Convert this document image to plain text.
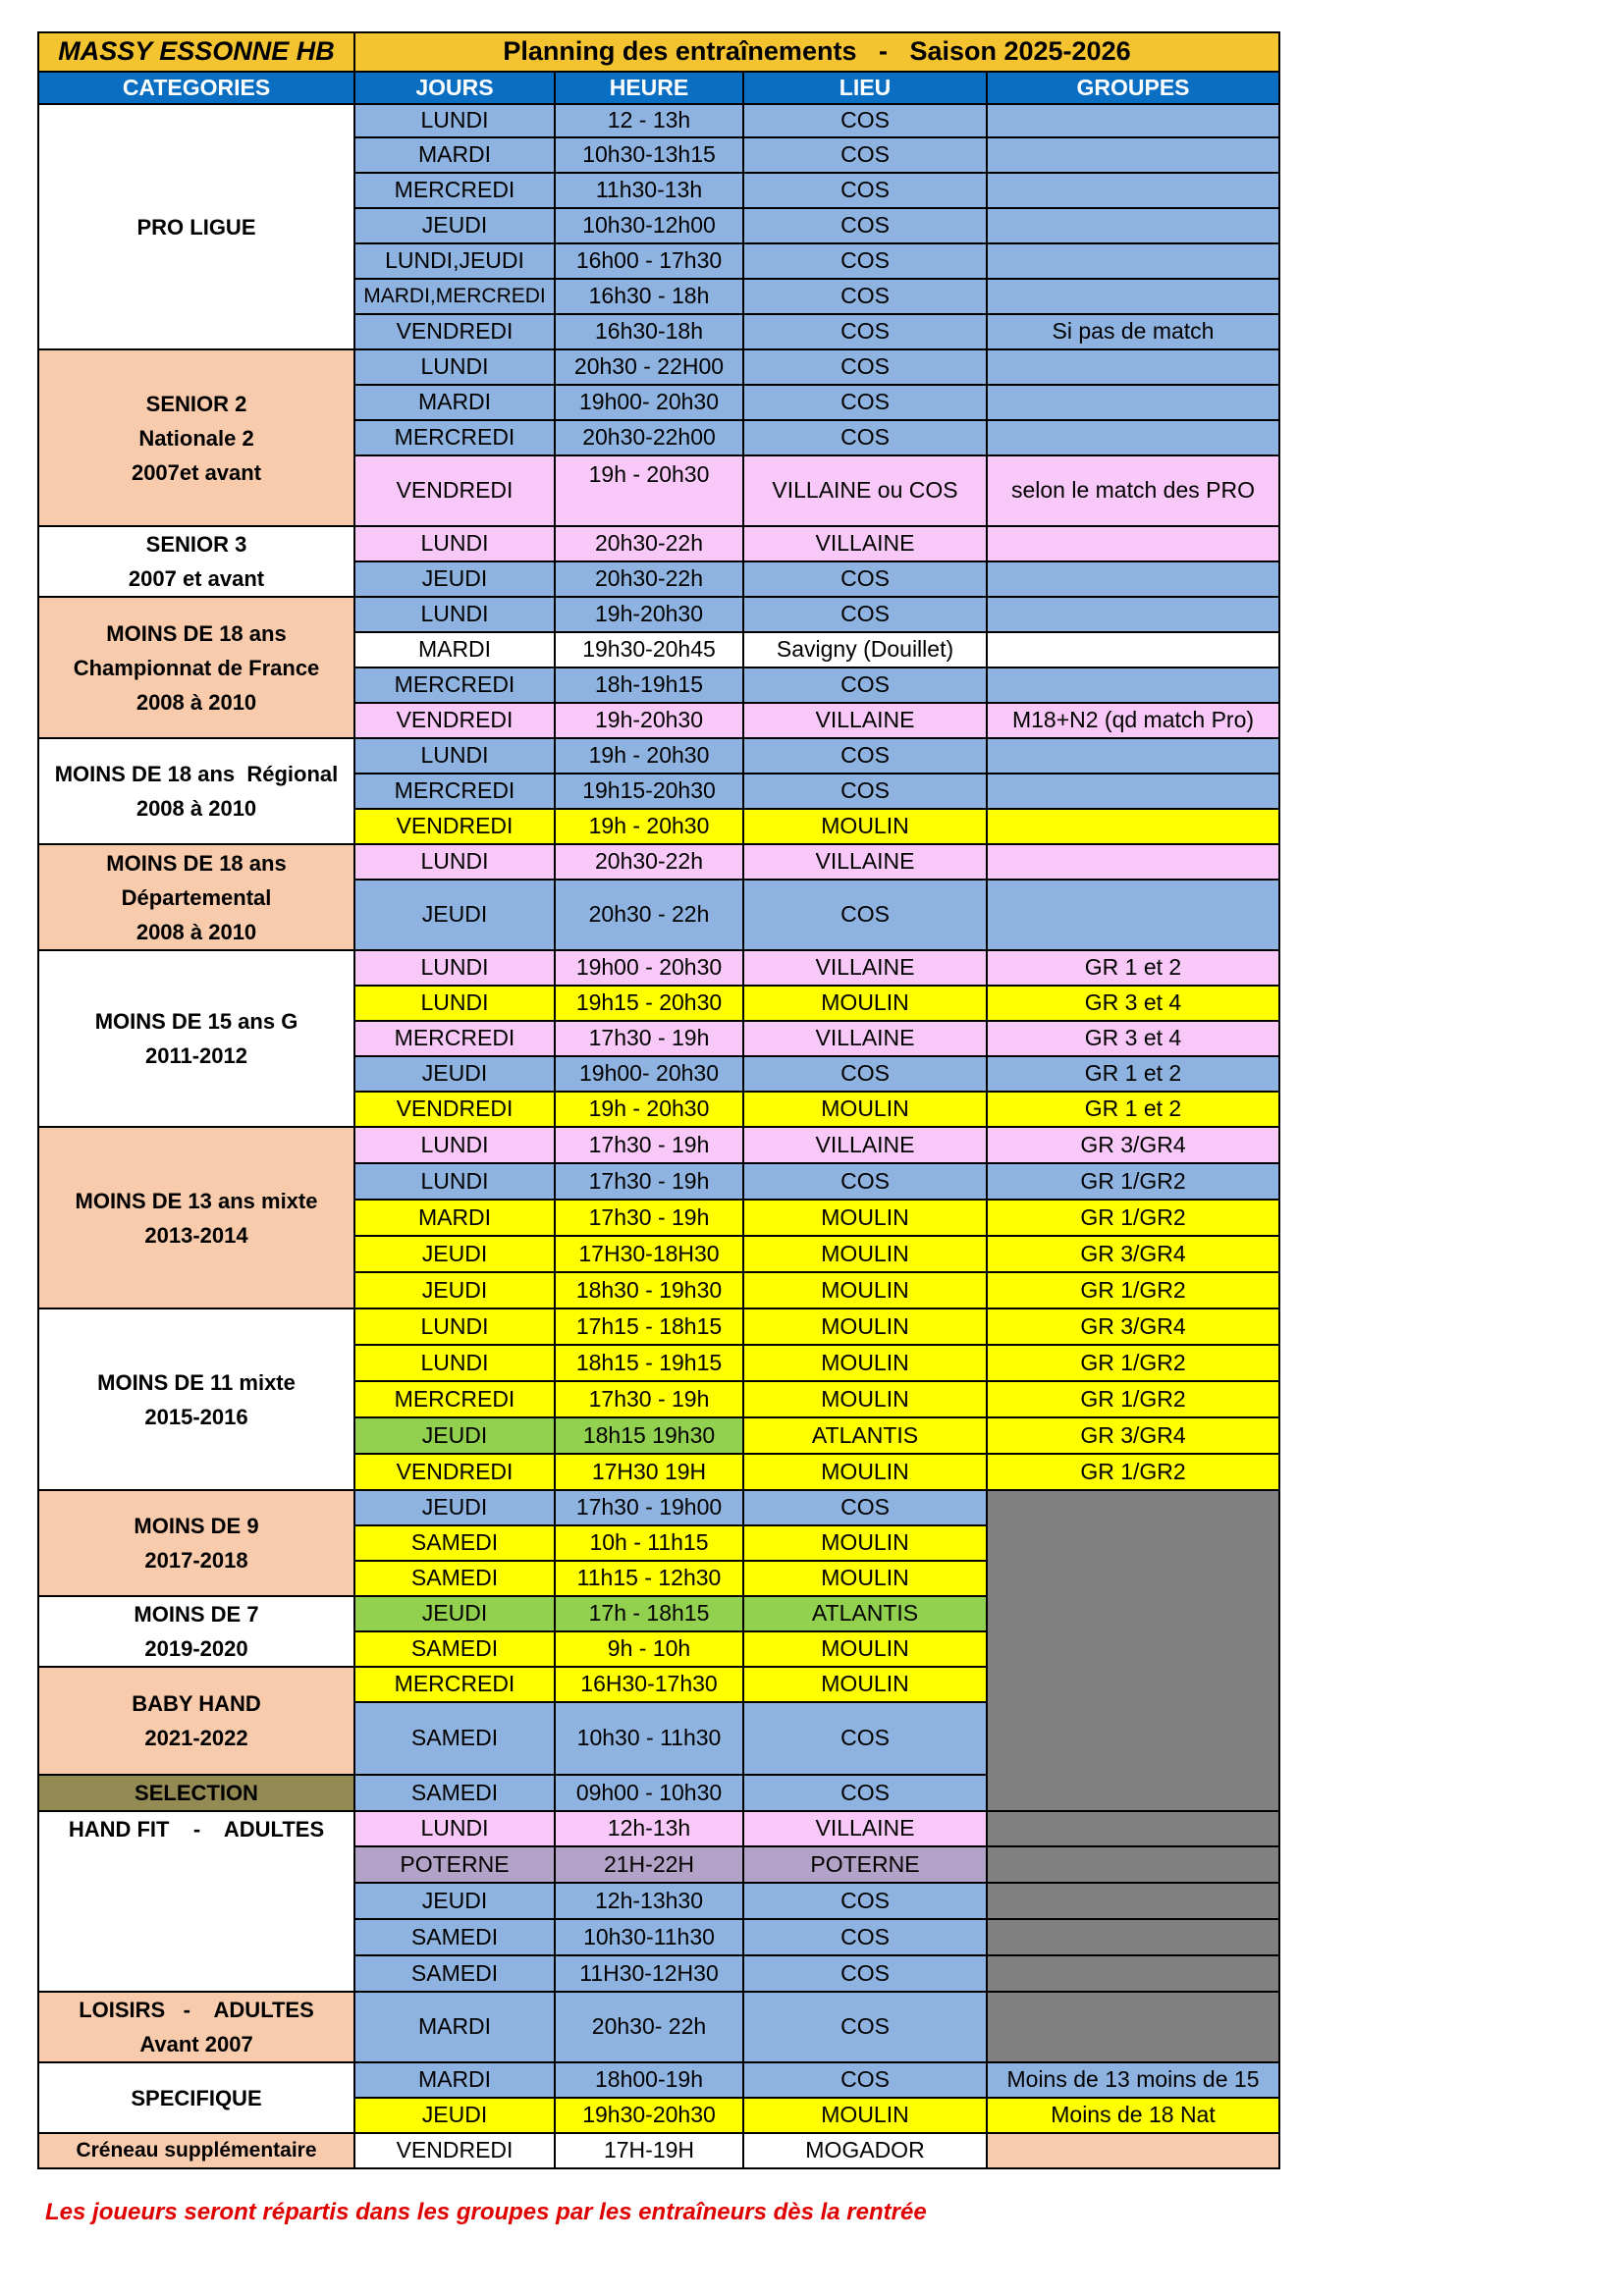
MASSY ESSONNE HB	Planning des entraînements   -   Saison 2025-2026			
CATEGORIES	JOURS	HEURE	LIEU	GROUPES

PRO LIGUE	LUNDI	12 - 13h	COS	
	MARDI	10h30-13h15	COS	
	MERCREDI	11h30-13h	COS	
	JEUDI	10h30-12h00	COS	
	LUNDI,JEUDI	16h00 - 17h30	COS	
	MARDI,MERCREDI	16h30 - 18h	COS	
	VENDREDI	16h30-18h	COS	Si pas de match

SENIOR 2
Nationale 2
2007et avant	LUNDI	20h30 - 22H00	COS	
	MARDI	19h00- 20h30	COS	
	MERCREDI	20h30-22h00	COS	
	VENDREDI	19h - 20h30	VILLAINE ou COS	selon le match des PRO

SENIOR 3
2007 et avant	LUNDI	20h30-22h	VILLAINE	
	JEUDI	20h30-22h	COS	

MOINS DE 18 ans
Championnat de France
2008 à 2010	LUNDI	19h-20h30	COS	
	MARDI	19h30-20h45	Savigny (Douillet)	
	MERCREDI	18h-19h15	COS	
	VENDREDI	19h-20h30	VILLAINE	M18+N2 (qd match Pro)

MOINS DE 18 ans  Régional
2008 à 2010	LUNDI	19h - 20h30	COS	
	MERCREDI	19h15-20h30	COS	
	VENDREDI	19h - 20h30	MOULIN	

MOINS DE 18 ans
Départemental
2008 à 2010	LUNDI	20h30-22h	VILLAINE	
	JEUDI	20h30 - 22h	COS	

MOINS DE 15 ans G
2011-2012	LUNDI	19h00 - 20h30	VILLAINE	GR 1 et 2
	LUNDI	19h15 - 20h30	MOULIN	GR 3 et 4
	MERCREDI	17h30 - 19h	VILLAINE	GR 3 et 4
	JEUDI	19h00- 20h30	COS	GR 1 et 2
	VENDREDI	19h - 20h30	MOULIN	GR 1 et 2

MOINS DE 13 ans mixte
2013-2014	LUNDI	17h30 - 19h	VILLAINE	GR 3/GR4
	LUNDI	17h30 - 19h	COS	GR 1/GR2
	MARDI	17h30 - 19h	MOULIN	GR 1/GR2
	JEUDI	17H30-18H30	MOULIN	GR 3/GR4
	JEUDI	18h30 - 19h30	MOULIN	GR 1/GR2

MOINS DE 11 mixte
2015-2016	LUNDI	17h15 - 18h15	MOULIN	GR 3/GR4
	LUNDI	18h15 - 19h15	MOULIN	GR 1/GR2
	MERCREDI	17h30 - 19h	MOULIN	GR 1/GR2
	JEUDI	18h15 19h30	ATLANTIS	GR 3/GR4
	VENDREDI	17H30 19H	MOULIN	GR 1/GR2

MOINS DE 9
2017-2018	JEUDI	17h30 - 19h00	COS	
	SAMEDI	10h - 11h15	MOULIN	
	SAMEDI	11h15 - 12h30	MOULIN	

MOINS DE 7
2019-2020	JEUDI	17h - 18h15	ATLANTIS	
	SAMEDI	9h - 10h	MOULIN	

BABY HAND
2021-2022	MERCREDI	16H30-17h30	MOULIN	
	SAMEDI	10h30 - 11h30	COS	

SELECTION	SAMEDI	09h00 - 10h30	COS	

HAND FIT    -    ADULTES	LUNDI	12h-13h	VILLAINE	
	POTERNE	21H-22H	POTERNE	
	JEUDI	12h-13h30	COS	
	SAMEDI	10h30-11h30	COS	
	SAMEDI	11H30-12H30	COS	

LOISIRS   -    ADULTES
Avant 2007	MARDI	20h30- 22h	COS	

SPECIFIQUE	MARDI	18h00-19h	COS	Moins de 13 moins de 15
	JEUDI	19h30-20h30	MOULIN	Moins de 18 Nat

Créneau supplémentaire	VENDREDI	17H-19H	MOGADOR	
Les joueurs seront répartis dans les groupes par les entraîneurs dès la rentrée
